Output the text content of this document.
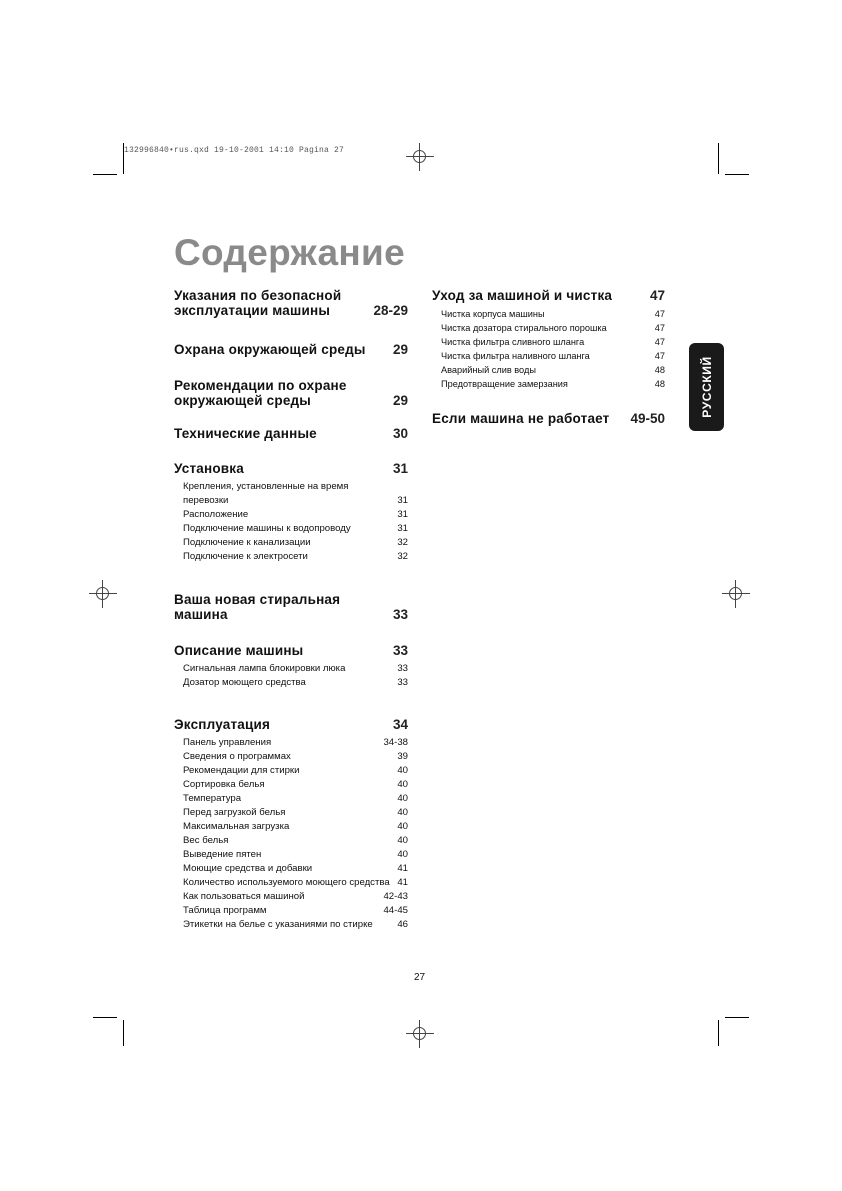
132996840•rus.qxd 19-10-2001 14:10 Pagina 27
Содержание
Указания по безопасной эксплуатации машины	28-29
Охрана окружающей среды 29
Рекомендации по охране окружающей среды	29
Технические данные	30
Установка	31
Крепления, установленные на время перевозки	31
Расположение	31
Подключение машины к водопроводу	31
Подключение к канализации	32
Подключение к электросети	32
Ваша новая стиральная машина	33
Описание машины	33
Сигнальная лампа блокировки люка	33
Дозатор моющего средства	33
Эксплуатация	34
Панель управления	34-38
Сведения о программах	39
Рекомендации для стирки	40
Сортировка белья	40
Температура	40
Перед загрузкой белья	40
Максимальная загрузка	40
Вес белья	40
Выведение пятен	40
Моющие средства и добавки	41
Количество используемого моющего средства 41
Как пользоваться машиной	42-43
Таблица программ	44-45
Этикетки на белье с указаниями по стирке	46
Уход за машиной и чистка	47
Чистка корпуса машины	47
Чистка дозатора стирального порошка	47
Чистка фильтра сливного шланга	47
Чистка фильтра наливного шланга	47
Аварийный слив воды	48
Предотвращение замерзания	48
Если машина не работает 49-50
РУССКИЙ
27
